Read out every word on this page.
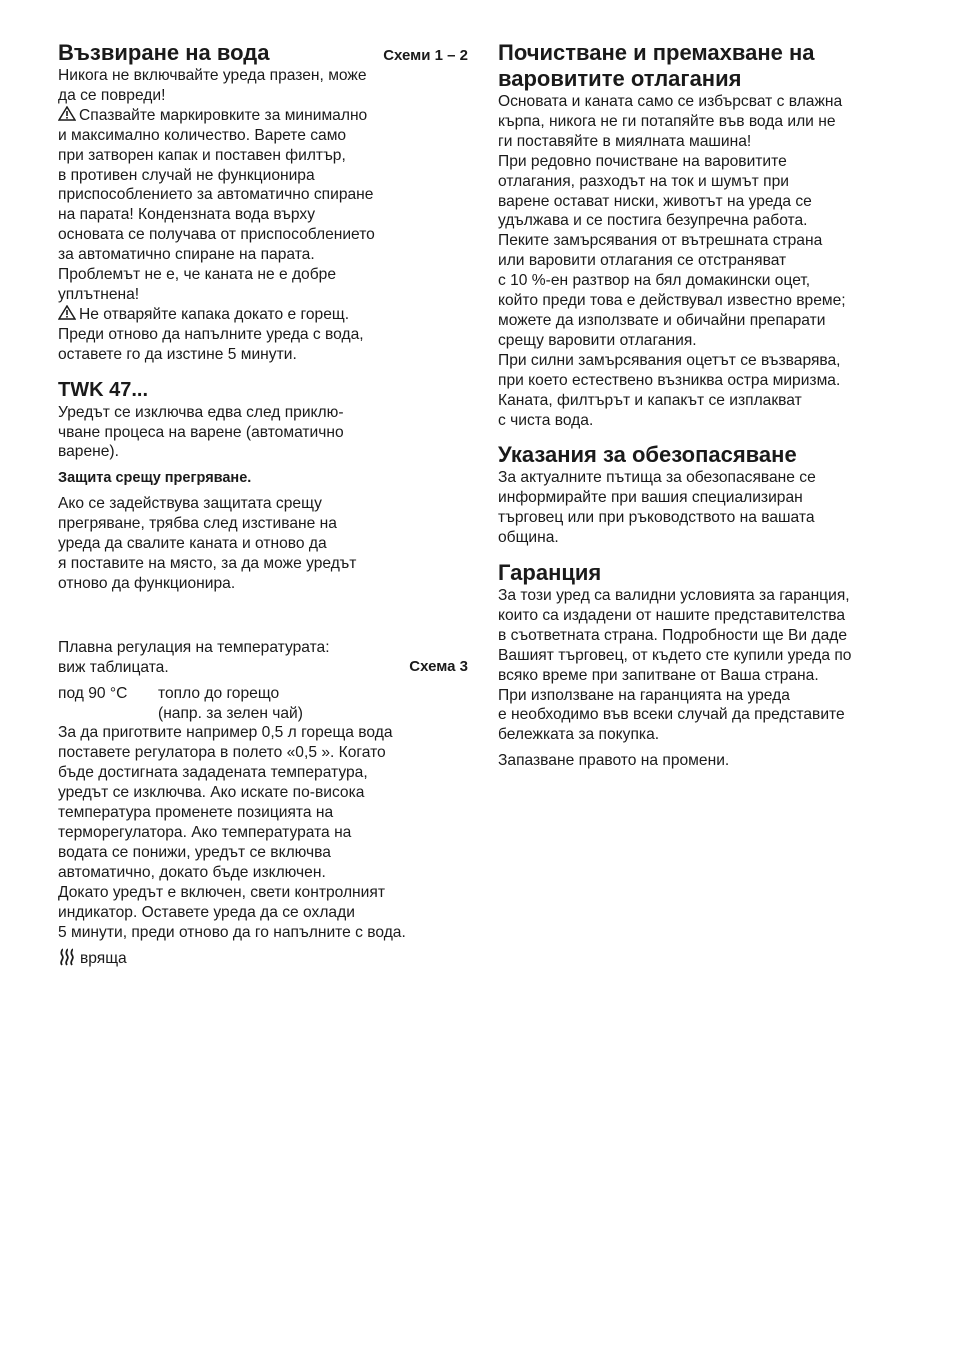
Възвиране на вода	Схеми 1 – 2

Никога не включвайте уреда празен, може
да се повреди!

Спазвайте маркировките за минимално
и максимално количество. Варете само
при затворен капак и поставен филтър,
в противен случай не функционира
приспособлението за автоматично спиране
на парата! Кондензната вода върху
основата се получава от приспособлението
за автоматично спиране на парата.
Проблемът не е, че каната не е добре
уплътнена!

Не отваряйте капака докато е горещ.
Преди отново да напълните уреда с вода,
оставете го да изстине 5 минути.

TWK 47...

Уредът се изключва едва след приклю-
чване процеса на варене (автоматично
варене).

Защита срещу прегряване.

Ако се задействува защитата срещу
прегряване, трябва след изстиване на
уреда да свалите каната и отново да
я поставите на място, за да може уредът
отново да функционира.

Плавна регулация на температурата:

виж таблицата.	Схема 3

под 90 °C	топло до горещо

(напр. за зелен чай)

За да приготвите например 0,5 л гореща вода
поставете регулатора в полето «0,5 ». Когато
бъде достигната зададената температура,
уредът се изключва. Ако искате по-висока
температура променете позицията на
терморегулатора. Ако температурата на
водата се понижи, уредът се включва
автоматично, докато бъде изключен.
Докато уредът е включен, свети контролният
индикатор. Оставете уреда да се охлади
5 минути, преди отново да го напълните с вода.

вряща

Почистване и премахване на
варовитите отлагания

Основата и каната само се избърсват с влажна
кърпа, никога не ги потапяйте във вода или не
ги поставяйте в миялната машина!
При редовно почистване на варовитите
отлагания, разходът на ток и шумът при
варене остават ниски, животът на уреда се
удължава и се постига безупречна работа.
Пеките замърсявания от вътрешната страна
или варовити отлагания се отстраняват
с 10 %-ен разтвор на бял домакински оцет,
който преди това е действувал известно време;
можете да използвате и обичайни препарати
срещу варовити отлагания.
При силни замърсявания оцетът се възварява,
при което естествено възниква остра миризма.
Каната, филтърът и капакът се изплакват
с чиста вода.

Указания за обезопасяване

За актуалните пътища за обезопасяване се
информирайте при вашия специализиран
търговец или при ръководството на вашата
община.

Гаранция

За този уред са валидни условията за гаранция,
които са издадени от нашите представителства
в съответната страна. Подробности ще Ви даде
Вашият търговец, от където сте купили уреда по
всяко време при запитване от Ваша страна.
При използване на гаранцията на уреда
е необходимо във всеки случай да представите
бележката за покупка.

Запазване правото на промени.
